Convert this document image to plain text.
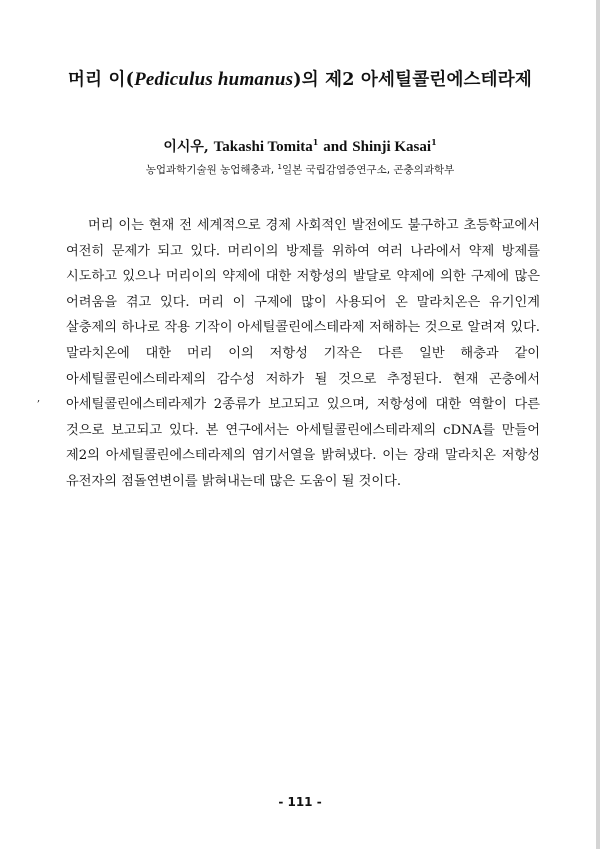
머리 이(Pediculus humanus)의 제2 아세틸콜린에스테라제
이시우, Takashi Tomita$^1$ and Shinji Kasai$^1$
농업과학기술원 농업해충과, $^1$일본 국립감염증연구소, 곤충의과학부

머리 이는 현재 전 세계적으로 경제 사회적인 발전에도 불구하고 초등학교에서 여전히 문제가 되고 있다. 머리이의 방제를 위하여 여러 나라에서 약제 방제를 시도하고 있으나 머리이의 약제에 대한 저항성의 발달로 약제에 의한 구제에 많은 어려움을 겪고 있다. 머리 이 구제에 많이 사용되어 온 말라치온은 유기인계 살충제의 하나로 작용 기작이 아세틸콜린에스테라제 저해하는 것으로 알려져 있다. 말라치온에 대한 머리 이의 저항성 기작은 다른 일반 해충과 같이 아세틸콜린에스테라제의 감수성 저하가 될 것으로 추정된다. 현재 곤충에서 아세틸콜린에스테라제가 2종류가 보고되고 있으며, 저항성에 대한 역할이 다른 것으로 보고되고 있다. 본 연구에서는 아세틸콜린에스테라제의 cDNA를 만들어 제2의 아세틸콜린에스테라제의 염기서열을 밝혀냈다. 이는 장래 말라치온 저항성 유전자의 점돌연변이를 밝혀내는데 많은 도움이 될 것이다.

,
- 111 -
